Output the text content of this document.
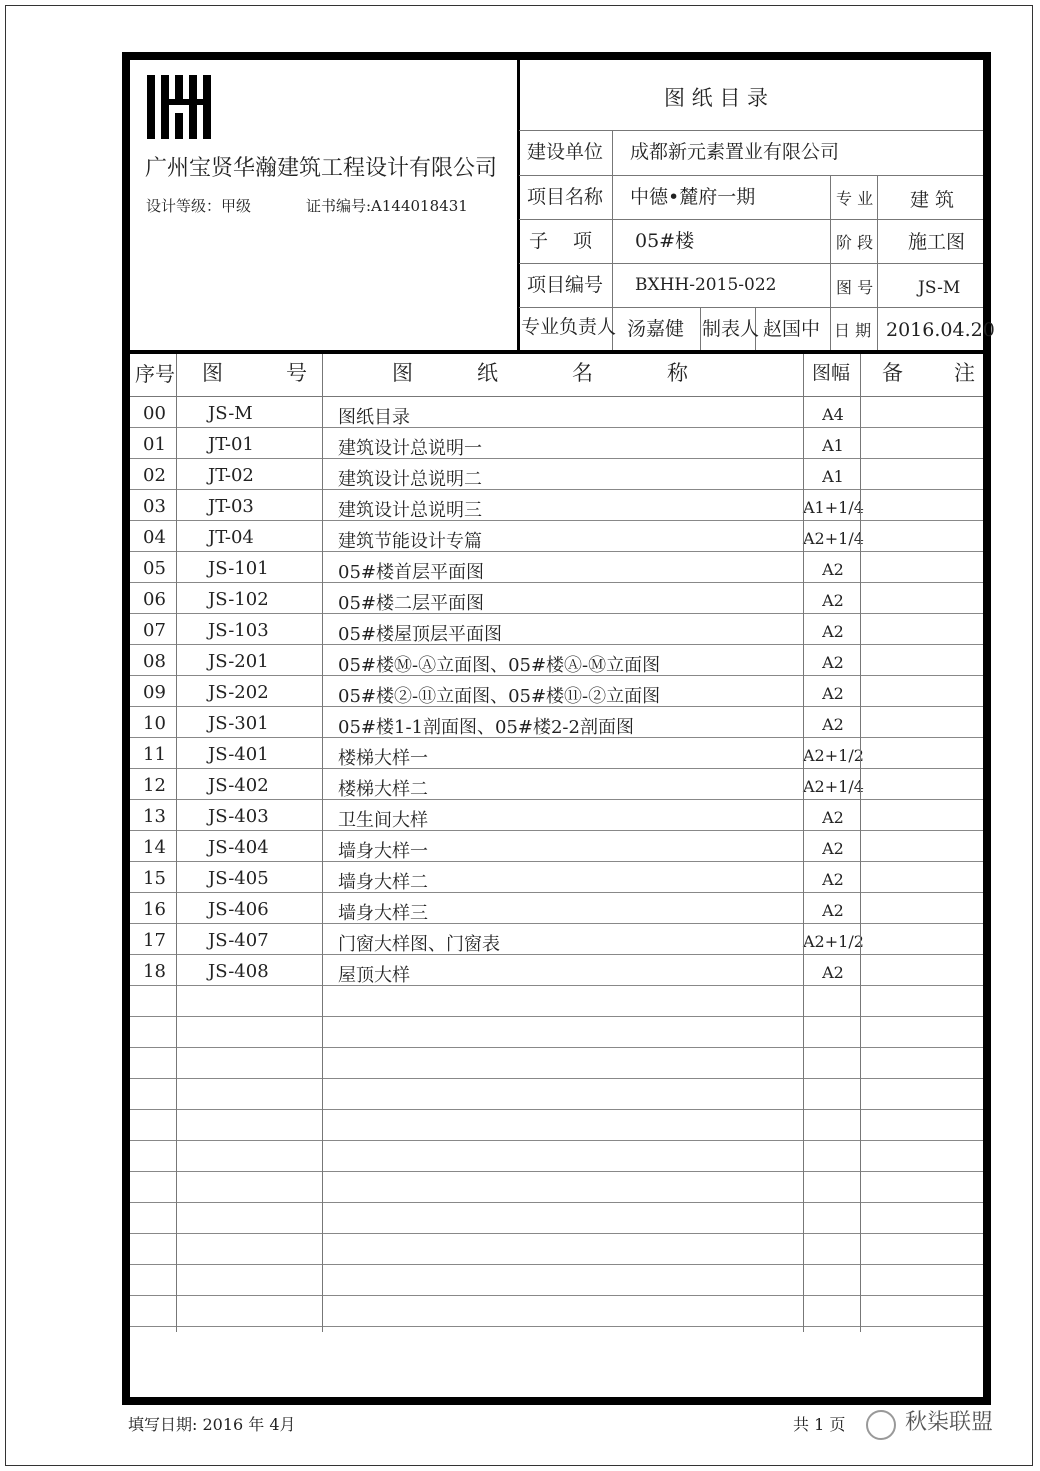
广州宝贤华瀚建筑工程设计有限公司
设计等级：甲级	证书编号:A144018431
图 纸 目 录
建设单位 成都新元素置业有限公司
项目名称 中德•麓府一期	专 业 建 筑
子　 项 05#楼	阶 段 施工图
项目编号 BXHH-2015-022	图 号	JS-M
专业负责人 汤嘉健 制表人 赵国中 日 期 2016.04.20
序号 图	号	图	纸	名	称	图幅 备 注
00 JS-M	图纸目录	A4
01 JT-01	建筑设计总说明一	A1
02 JT-02	建筑设计总说明二	A1
03 JT-03	建筑设计总说明三	A1+1/4
04 JT-04	建筑节能设计专篇	A2+1/4
05 JS-101	05#楼首层平面图	A2
06 JS-102	05#楼二层平面图	A2
07 JS-103	05#楼屋顶层平面图	A2
08 JS-201	05#楼Ⓜ-Ⓐ立面图、05#楼Ⓐ-Ⓜ立面图	A2
09 JS-202	05#楼②-⑪立面图、05#楼⑪-②立面图	A2
10 JS-301	05#楼1-1剖面图、05#楼2-2剖面图	A2
11 JS-401	楼梯大样一	A2+1/2
12 JS-402	楼梯大样二	A2+1/4
13 JS-403	卫生间大样	A2
14 JS-404	墙身大样一	A2
15 JS-405	墙身大样二	A2
16 JS-406	墙身大样三	A2
17 JS-407	门窗大样图、门窗表	A2+1/2
18 JS-408	屋顶大样	A2
填写日期: 2016 年 4月	共 1 页	秋柒联盟
